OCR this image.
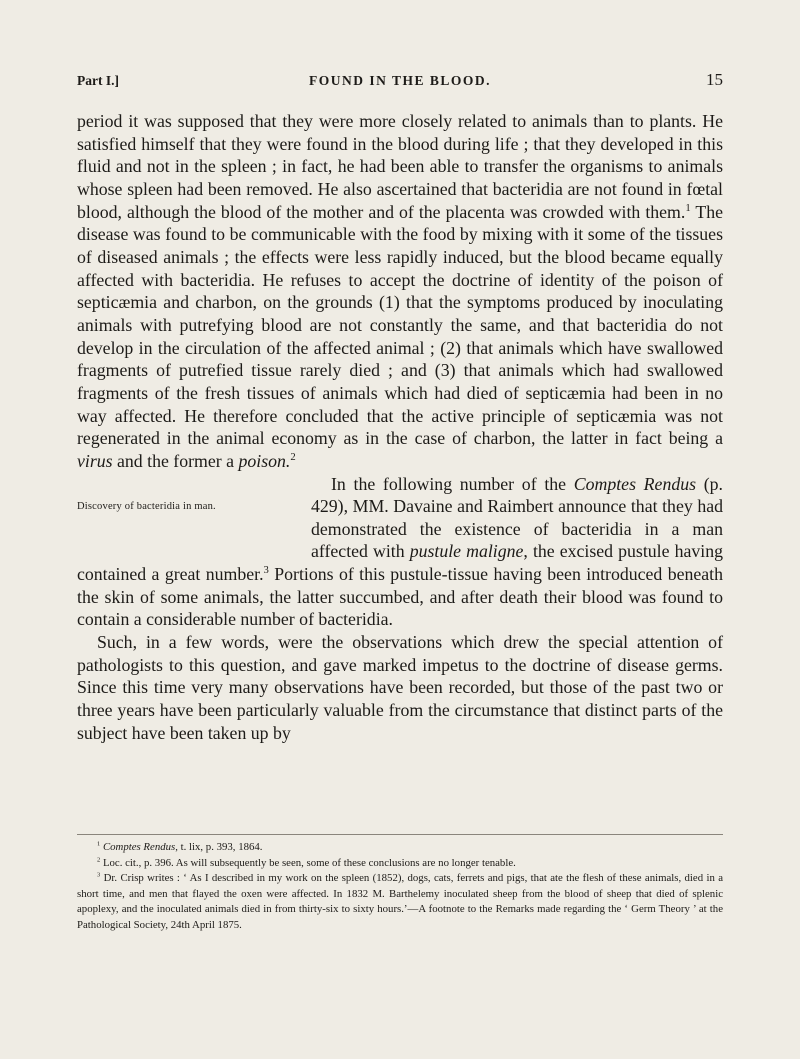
Part I.]	FOUND IN THE BLOOD.	15

period it was supposed that they were more closely related to animals than to plants. He satisfied himself that they were found in the blood during life ; that they developed in this fluid and not in the spleen ; in fact, he had been able to transfer the organisms to animals whose spleen had been removed. He also ascertained that bacteridia are not found in fœtal blood, although the blood of the mother and of the placenta was crowded with them.$^1$ The disease was found to be communicable with the food by mixing with it some of the tissues of diseased animals ; the effects were less rapidly induced, but the blood became equally affected with bacteridia. He refuses to accept the doctrine of identity of the poison of septicæmia and charbon, on the grounds (1) that the symptoms produced by inoculating animals with putrefying blood are not constantly the same, and that bacteridia do not develop in the circulation of the affected animal ; (2) that animals which have swallowed fragments of putrefied tissue rarely died ; and (3) that animals which had swallowed fragments of the fresh tissues of animals which had died of septicæmia had been in no way affected. He therefore concluded that the active principle of septicæmia was not regenerated in the animal economy as in the case of charbon, the latter in fact being a virus and the former a poison.$^2$

Discovery of bacteridia in man.
In the following number of the Comptes Rendus (p. 429), MM. Davaine and Raimbert announce that they had demonstrated the existence of bacteridia in a man affected with pustule maligne, the excised pustule having contained a great number.$^3$ Portions of this pustule-tissue having been introduced beneath the skin of some animals, the latter succumbed, and after death their blood was found to contain a considerable number of bacteridia.

Such, in a few words, were the observations which drew the special attention of pathologists to this question, and gave marked impetus to the doctrine of disease germs. Since this time very many observations have been recorded, but those of the past two or three years have been particularly valuable from the circumstance that distinct parts of the subject have been taken up by

$^1$ Comptes Rendus, t. lix, p. 393, 1864.

$^2$ Loc. cit., p. 396. As will subsequently be seen, some of these conclusions are no longer tenable.

$^3$ Dr. Crisp writes : ‘ As I described in my work on the spleen (1852), dogs, cats, ferrets and pigs, that ate the flesh of these animals, died in a short time, and men that flayed the oxen were affected. In 1832 M. Barthelemy inoculated sheep from the blood of sheep that died of splenic apoplexy, and the inoculated animals died in from thirty-six to sixty hours.’—A footnote to the Remarks made regarding the ‘ Germ Theory ’ at the Pathological Society, 24th April 1875.
